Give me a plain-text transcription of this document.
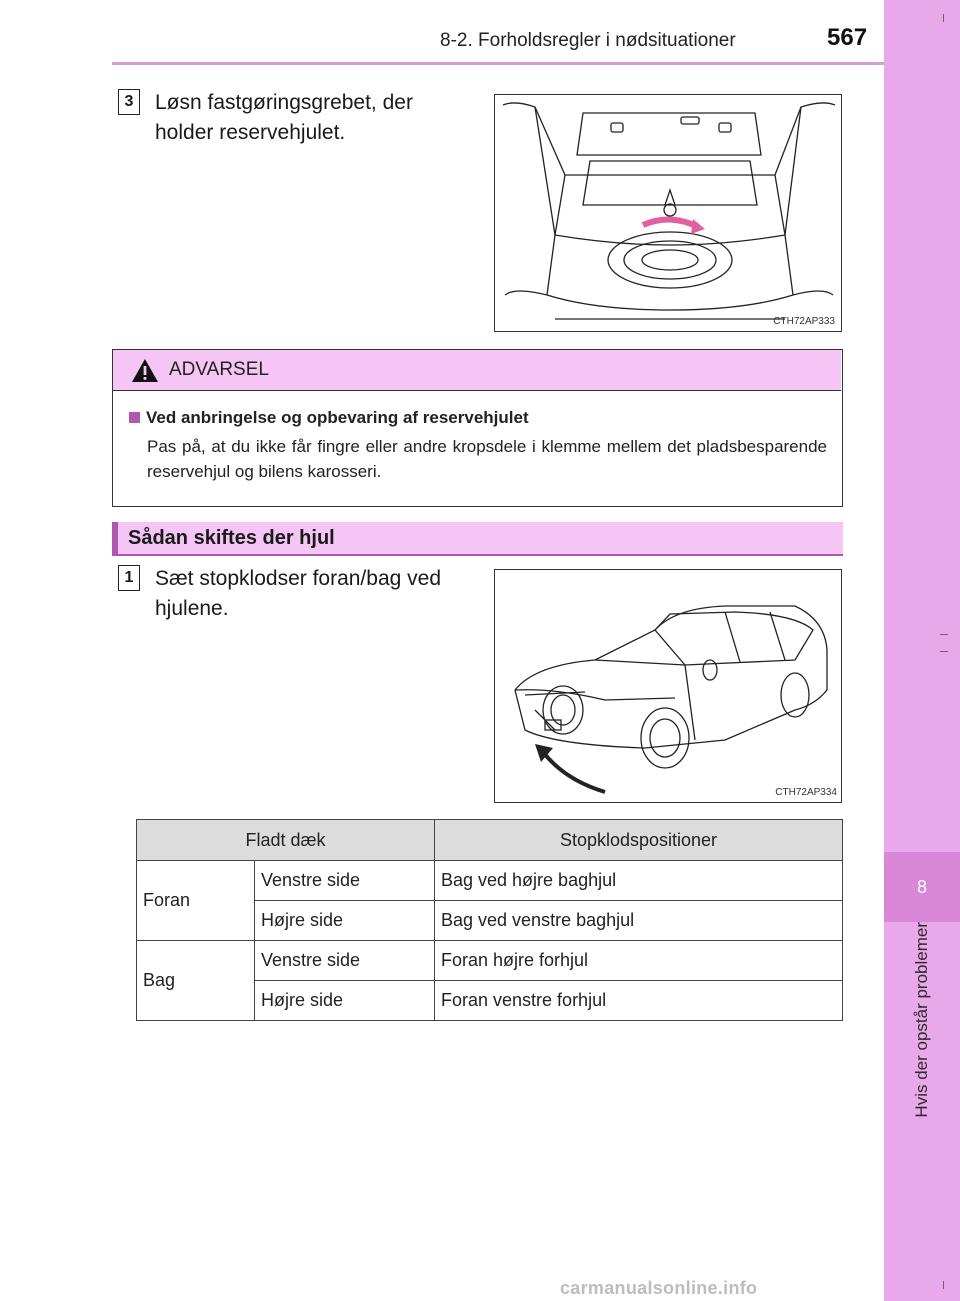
8-2. Forholdsregler i nødsituationer	567
8
Hvis der opstår problemer
3	Løsn fastgøringsgrebet, der
holder reservehjulet.
CTH72AP333
ADVARSEL
Ved anbringelse og opbevaring af reservehjulet
Pas på, at du ikke får fingre eller andre kropsdele i klemme mellem det pladsbesparende reservehjul og bilens karosseri.
Sådan skiftes der hjul
1	Sæt stopklodser foran/bag ved
hjulene.
CTH72AP334
Fladt dæk		Stopklodspositioner
Foran	Venstre side	Bag ved højre baghjul
	Højre side	Bag ved venstre baghjul
Bag	Venstre side	Foran højre forhjul
	Højre side	Foran venstre forhjul
carmanualsonline.info
